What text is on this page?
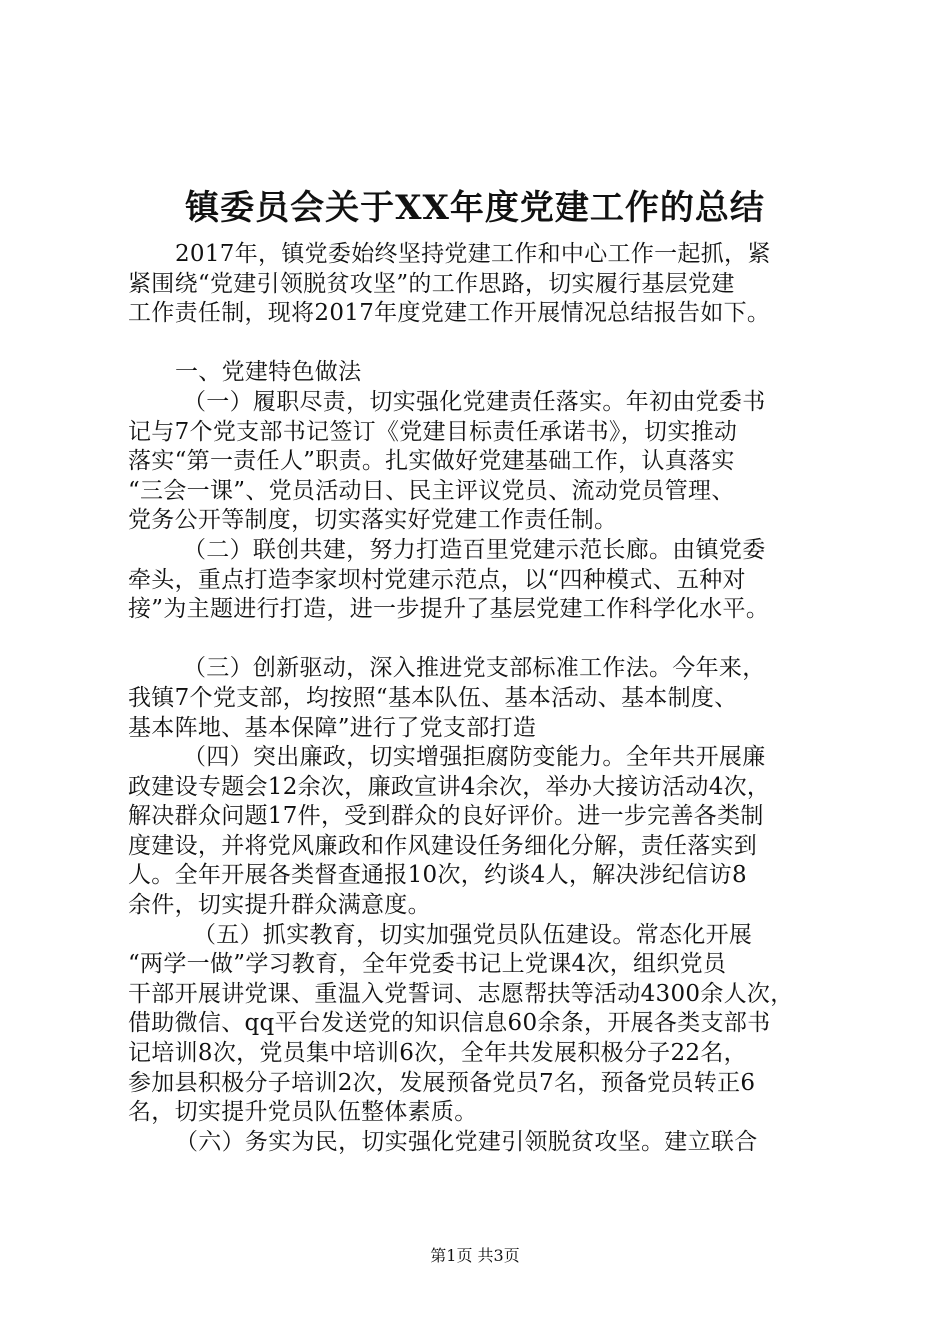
镇委员会关于XX年度党建工作的总结
2017年，镇党委始终坚持党建工作和中心工作一起抓，紧
紧围绕“党建引领脱贫攻坚”的工作思路，切实履行基层党建
工作责任制，现将2017年度党建工作开展情况总结报告如下。
一、党建特色做法
（一）履职尽责，切实强化党建责任落实。年初由党委书
记与7个党支部书记签订《党建目标责任承诺书》，切实推动
落实“第一责任人”职责。扎实做好党建基础工作，认真落实
“三会一课”、党员活动日、民主评议党员、流动党员管理、
党务公开等制度，切实落实好党建工作责任制。
（二）联创共建，努力打造百里党建示范长廊。由镇党委
牵头，重点打造李家坝村党建示范点，以“四种模式、五种对
接”为主题进行打造，进一步提升了基层党建工作科学化水平。
（三）创新驱动，深入推进党支部标准工作法。今年来，
我镇7个党支部，均按照“基本队伍、基本活动、基本制度、
基本阵地、基本保障”进行了党支部打造
（四）突出廉政，切实增强拒腐防变能力。全年共开展廉
政建设专题会12余次，廉政宣讲4余次，举办大接访活动4次，
解决群众问题17件，受到群众的良好评价。进一步完善各类制
度建设，并将党风廉政和作风建设任务细化分解，责任落实到
人。全年开展各类督查通报10次，约谈4人，解决涉纪信访8
余件，切实提升群众满意度。
（五）抓实教育，切实加强党员队伍建设。常态化开展
“两学一做”学习教育，全年党委书记上党课4次，组织党员
干部开展讲党课、重温入党誓词、志愿帮扶等活动4300余人次，
借助微信、qq平台发送党的知识信息60余条，开展各类支部书
记培训8次，党员集中培训6次，全年共发展积极分子22名，
参加县积极分子培训2次，发展预备党员7名，预备党员转正6
名，切实提升党员队伍整体素质。
（六）务实为民，切实强化党建引领脱贫攻坚。建立联合
第1页 共3页
